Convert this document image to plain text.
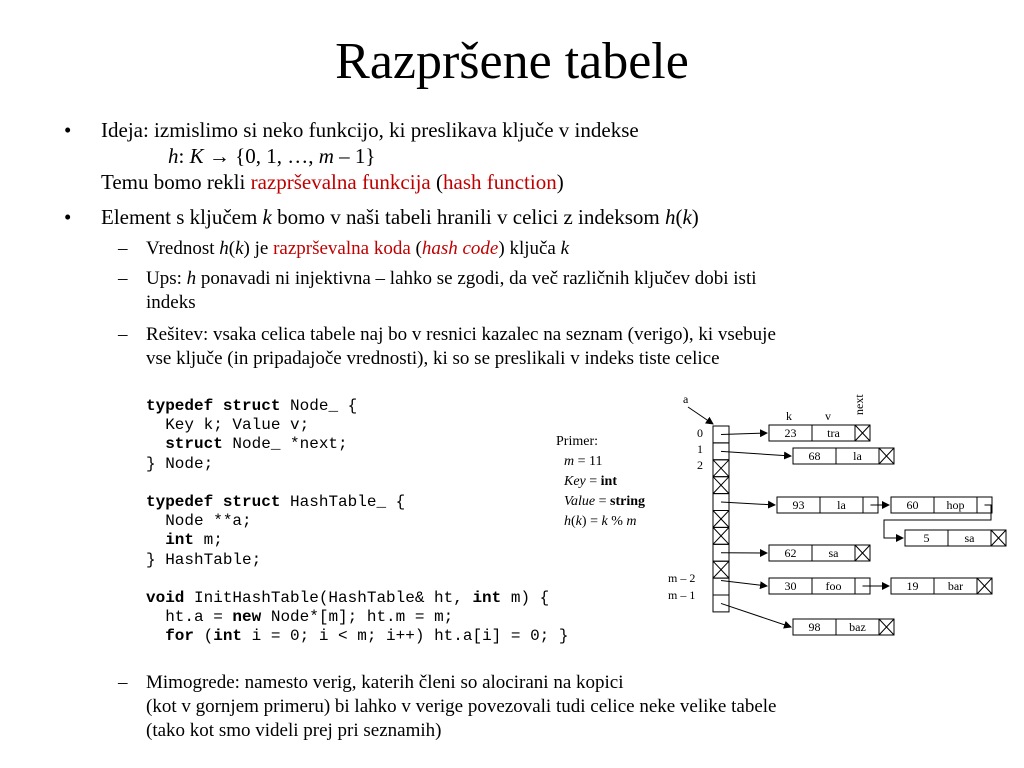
Razpršene tabele
• Ideja: izmislimo si neko funkcijo, ki preslikava ključe v indekse
h: K → {0, 1, …, m – 1}
Temu bomo rekli razprševalna funkcija (hash function)
• Element s ključem k bomo v naši tabeli hranili v celici z indeksom h(k)
– Vrednost h(k) je razprševalna koda (hash code) ključa k
– Ups: h ponavadi ni injektivna – lahko se zgodi, da več različnih ključev dobi isti
indeks
– Rešitev: vsaka celica tabele naj bo v resnici kazalec na seznam (verigo), ki vsebuje
vse ključe (in pripadajoče vrednosti), ki so se preslikali v indeks tiste celice
typedef struct Node_ {
Key k; Value v;
struct Node_ *next;
} Node;

typedef struct HashTable_ {
Node **a;
int m;
} HashTable;

void InitHashTable(HashTable& ht, int m) {
ht.a = new Node*[m]; ht.m = m;
for (int i = 0; i < m; i++) ht.a[i] = 0; }
Primer:
m = 11
Key = int
Value = string
h(k) = k % m
a
0
1
2
m – 2
m – 1
k	v
next
23	tra
68	la
93	la	60 hop
5	sa
62	sa
30 foo	19 bar
98 baz
– Mimogrede: namesto verig, katerih členi so alocirani na kopici
(kot v gornjem primeru) bi lahko v verige povezovali tudi celice neke velike tabele
(tako kot smo videli prej pri seznamih)
